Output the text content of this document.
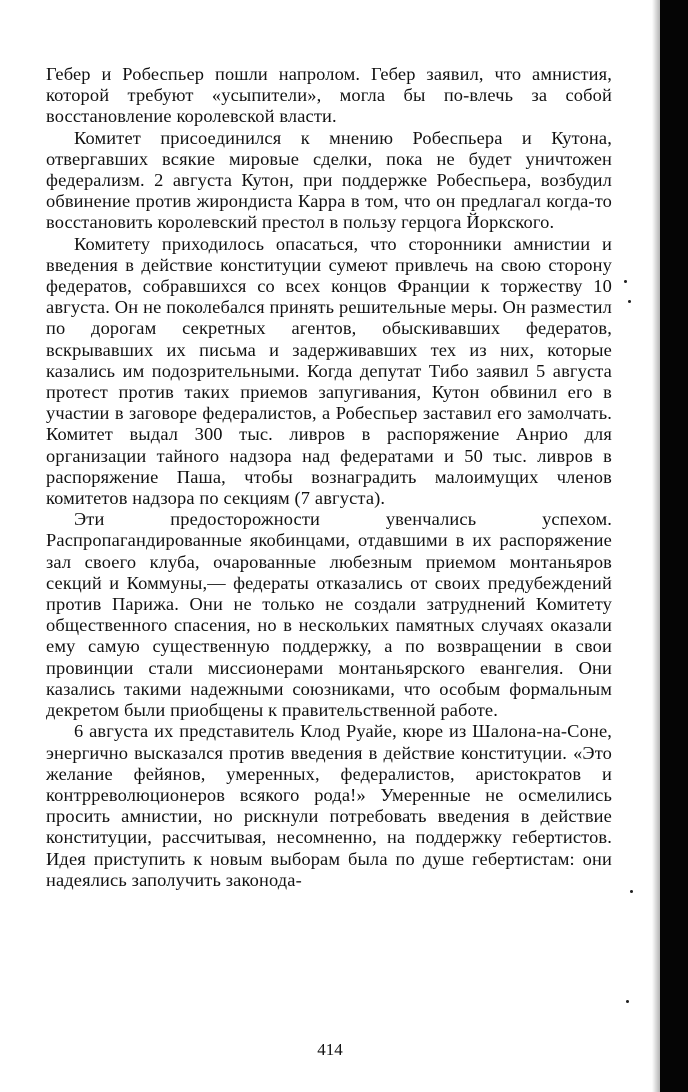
Гебер и Робеспьер пошли напролом. Гебер заявил, что амнистия, которой требуют «усыпители», могла бы по-влечь за собой восстановление королевской власти.

Комитет присоединился к мнению Робеспьера и Кутона, отвергавших всякие мировые сделки, пока не будет уничтожен федерализм. 2 августа Кутон, при поддержке Робеспьера, возбудил обвинение против жирондиста Карра в том, что он предлагал когда-то восстановить королевский престол в пользу герцога Йоркского.

Комитету приходилось опасаться, что сторонники амнистии и введения в действие конституции сумеют привлечь на свою сторону федератов, собравшихся со всех концов Франции к торжеству 10 августа. Он не поколебался принять решительные меры. Он разместил по дорогам секретных агентов, обыскивавших федератов, вскрывавших их письма и задерживавших тех из них, которые казались им подозрительными. Когда депутат Тибо заявил 5 августа протест против таких приемов запугивания, Кутон обвинил его в участии в заговоре федералистов, а Робеспьер заставил его замолчать. Комитет выдал 300 тыс. ливров в распоряжение Анрио для организации тайного надзора над федератами и 50 тыс. ливров в распоряжение Паша, чтобы вознаградить малоимущих членов комитетов надзора по секциям (7 августа).

Эти предосторожности увенчались успехом. Распропагандированные якобинцами, отдавшими в их распоряжение зал своего клуба, очарованные любезным приемом монтаньяров секций и Коммуны,— федераты отказались от своих предубеждений против Парижа. Они не только не создали затруднений Комитету общественного спасения, но в нескольких памятных случаях оказали ему самую существенную поддержку, а по возвращении в свои провинции стали миссионерами монтаньярского евангелия. Они казались такими надежными союзниками, что особым формальным декретом были приобщены к правительственной работе.

6 августа их представитель Клод Руайе, кюре из Шалона-на-Соне, энергично высказался против введения в действие конституции. «Это желание фейянов, умеренных, федералистов, аристократов и контрреволюционеров всякого рода!» Умеренные не осмелились просить амнистии, но рискнули потребовать введения в действие конституции, рассчитывая, несомненно, на поддержку гебертистов. Идея приступить к новым выборам была по душе гебертистам: они надеялись заполучить законода-

414
